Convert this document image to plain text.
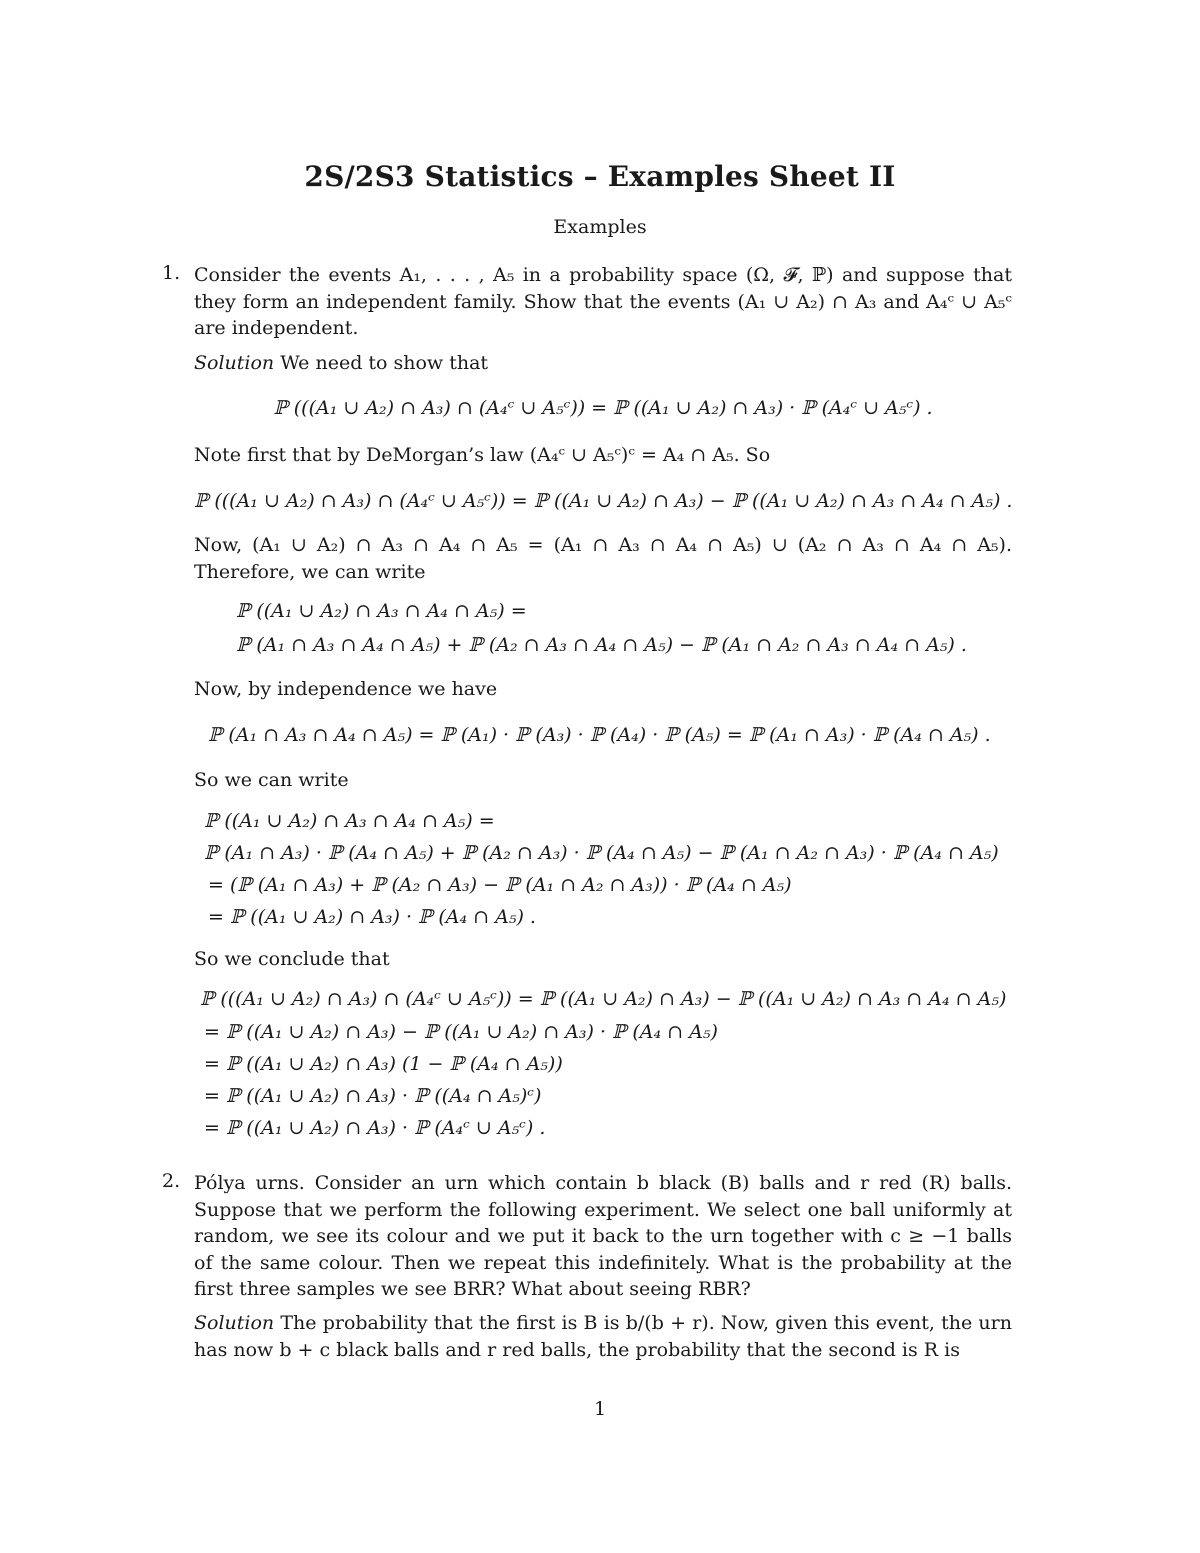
2S/2S3 Statistics – Examples Sheet II
Examples
1. Consider the events A₁, . . . , A₅ in a probability space (Ω, 𝓕, ℙ) and suppose that they form an independent family. Show that the events (A₁ ∪ A₂) ∩ A₃ and A₄ᶜ ∪ A₅ᶜ are independent.
Solution We need to show that
ℙ (((A₁ ∪ A₂) ∩ A₃) ∩ (A₄ᶜ ∪ A₅ᶜ)) = ℙ ((A₁ ∪ A₂) ∩ A₃) · ℙ (A₄ᶜ ∪ A₅ᶜ) .
Note first that by DeMorgan’s law (A₄ᶜ ∪ A₅ᶜ)ᶜ = A₄ ∩ A₅. So
ℙ (((A₁ ∪ A₂) ∩ A₃) ∩ (A₄ᶜ ∪ A₅ᶜ)) = ℙ ((A₁ ∪ A₂) ∩ A₃) − ℙ ((A₁ ∪ A₂) ∩ A₃ ∩ A₄ ∩ A₅) .
Now, (A₁ ∪ A₂) ∩ A₃ ∩ A₄ ∩ A₅ = (A₁ ∩ A₃ ∩ A₄ ∩ A₅) ∪ (A₂ ∩ A₃ ∩ A₄ ∩ A₅). Therefore, we can write
ℙ ((A₁ ∪ A₂) ∩ A₃ ∩ A₄ ∩ A₅) =
ℙ (A₁ ∩ A₃ ∩ A₄ ∩ A₅) + ℙ (A₂ ∩ A₃ ∩ A₄ ∩ A₅) − ℙ (A₁ ∩ A₂ ∩ A₃ ∩ A₄ ∩ A₅) .
Now, by independence we have
ℙ (A₁ ∩ A₃ ∩ A₄ ∩ A₅) = ℙ (A₁) · ℙ (A₃) · ℙ (A₄) · ℙ (A₅) = ℙ (A₁ ∩ A₃) · ℙ (A₄ ∩ A₅) .
So we can write
ℙ ((A₁ ∪ A₂) ∩ A₃ ∩ A₄ ∩ A₅) =
ℙ (A₁ ∩ A₃) · ℙ (A₄ ∩ A₅) + ℙ (A₂ ∩ A₃) · ℙ (A₄ ∩ A₅) − ℙ (A₁ ∩ A₂ ∩ A₃) · ℙ (A₄ ∩ A₅)
= (ℙ (A₁ ∩ A₃) + ℙ (A₂ ∩ A₃) − ℙ (A₁ ∩ A₂ ∩ A₃)) · ℙ (A₄ ∩ A₅)
= ℙ ((A₁ ∪ A₂) ∩ A₃) · ℙ (A₄ ∩ A₅) .
So we conclude that
ℙ (((A₁ ∪ A₂) ∩ A₃) ∩ (A₄ᶜ ∪ A₅ᶜ)) = ℙ ((A₁ ∪ A₂) ∩ A₃) − ℙ ((A₁ ∪ A₂) ∩ A₃ ∩ A₄ ∩ A₅)
= ℙ ((A₁ ∪ A₂) ∩ A₃) − ℙ ((A₁ ∪ A₂) ∩ A₃) · ℙ (A₄ ∩ A₅)
= ℙ ((A₁ ∪ A₂) ∩ A₃) (1 − ℙ (A₄ ∩ A₅))
= ℙ ((A₁ ∪ A₂) ∩ A₃) · ℙ ((A₄ ∩ A₅)ᶜ)
= ℙ ((A₁ ∪ A₂) ∩ A₃) · ℙ (A₄ᶜ ∪ A₅ᶜ) .
2. Pólya urns. Consider an urn which contain b black (B) balls and r red (R) balls. Suppose that we perform the following experiment. We select one ball uniformly at random, we see its colour and we put it back to the urn together with c ≥ −1 balls of the same colour. Then we repeat this indefinitely. What is the probability at the first three samples we see BRR? What about seeing RBR?
Solution The probability that the first is B is b/(b + r). Now, given this event, the urn has now b + c black balls and r red balls, the probability that the second is R is
1
